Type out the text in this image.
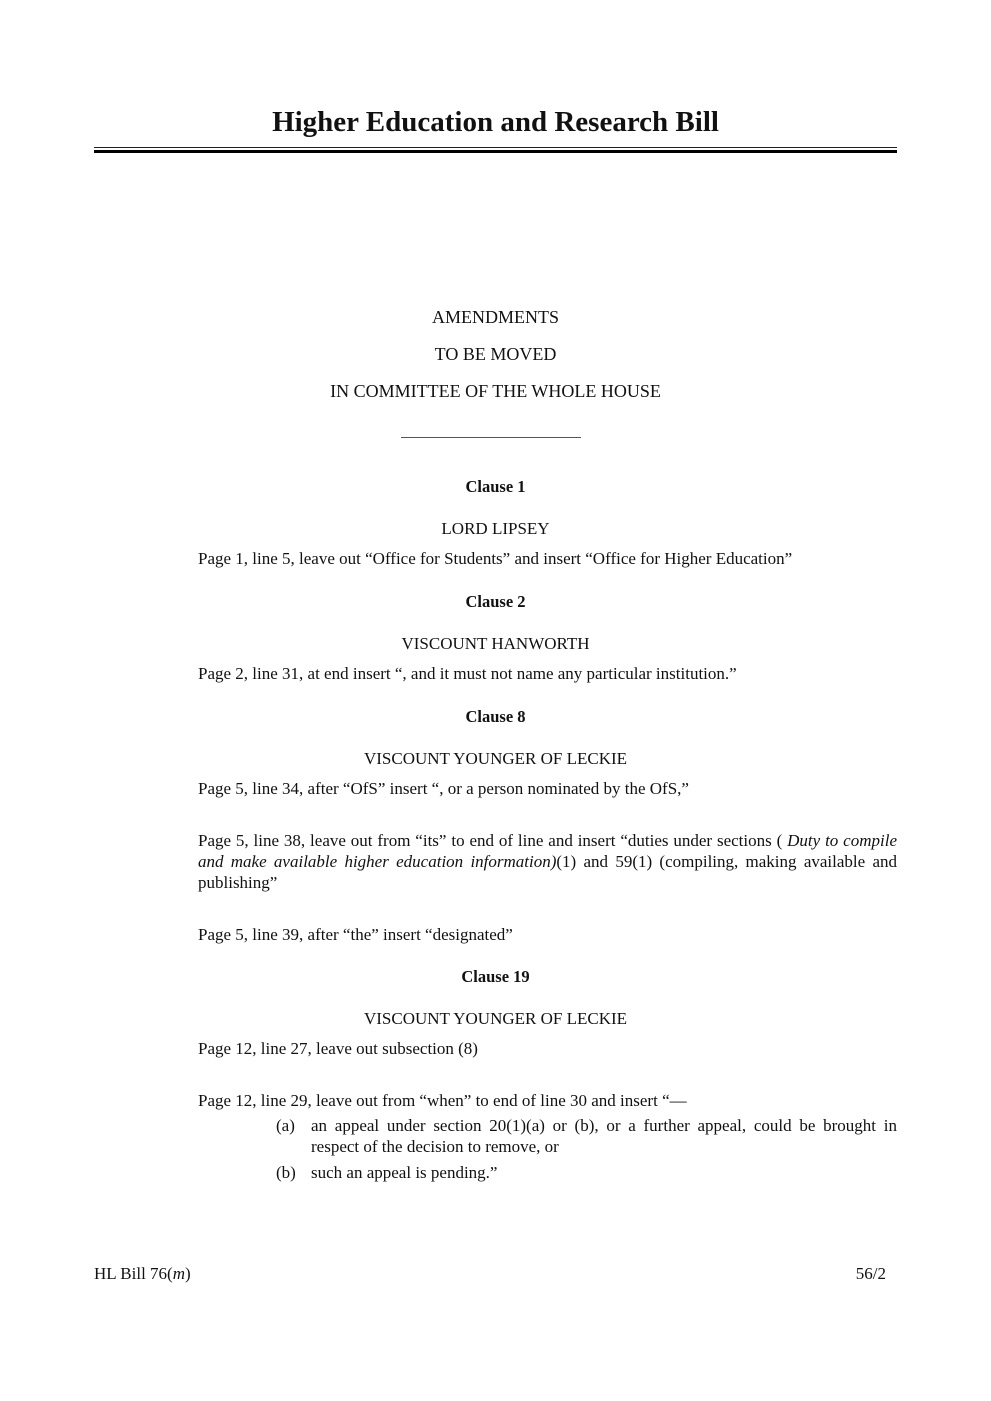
Higher Education and Research Bill
AMENDMENTS
TO BE MOVED
IN COMMITTEE OF THE WHOLE HOUSE
Clause 1
LORD LIPSEY
Page 1, line 5, leave out “Office for Students” and insert “Office for Higher Education”
Clause 2
VISCOUNT HANWORTH
Page 2, line 31, at end insert “, and it must not name any particular institution.”
Clause 8
VISCOUNT YOUNGER OF LECKIE
Page 5, line 34, after “OfS” insert “, or a person nominated by the OfS,”
Page 5, line 38, leave out from “its” to end of line and insert “duties under sections ( Duty to compile and make available higher education information)(1) and 59(1) (compiling, making available and publishing”
Page 5, line 39, after “the” insert “designated”
Clause 19
VISCOUNT YOUNGER OF LECKIE
Page 12, line 27, leave out subsection (8)
Page 12, line 29, leave out from “when” to end of line 30 and insert “—
(a) an appeal under section 20(1)(a) or (b), or a further appeal, could be brought in respect of the decision to remove, or
(b) such an appeal is pending.”
HL Bill 76(m)	56/2
